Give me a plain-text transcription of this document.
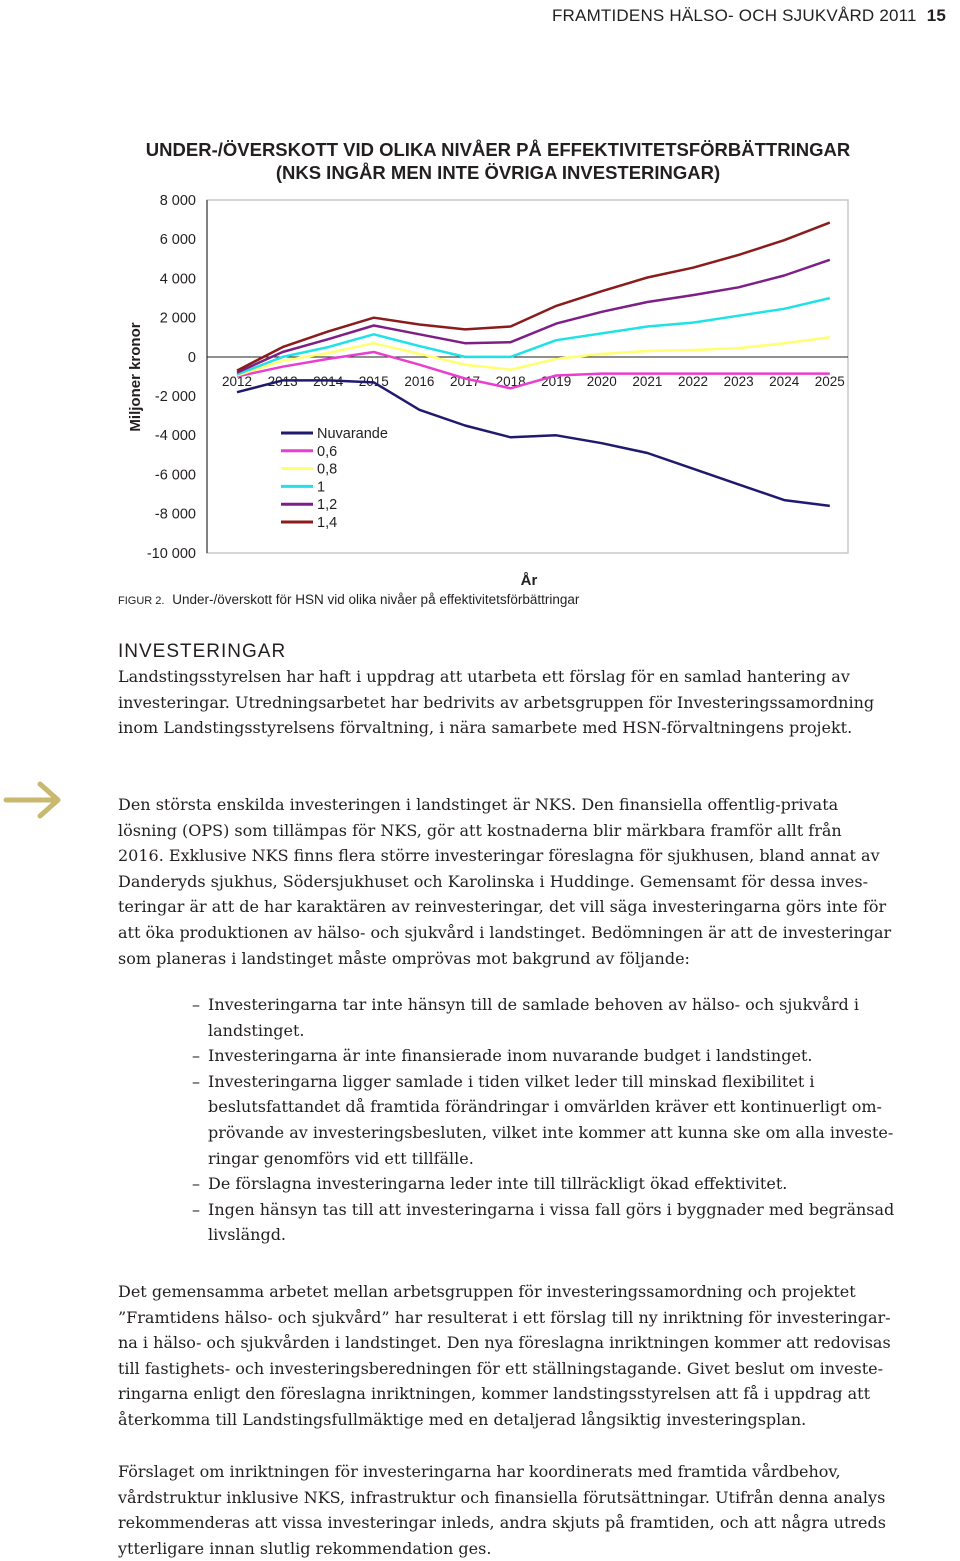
FRAMTIDENS HÄLSO- OCH SJUKVÅRD 2011 15
UNDER-/ÖVERSKOTT VID OLIKA NIVÅER PÅ EFFEKTIVITETSFÖRBÄTTRINGAR
(NKS INGÅR MEN INTE ÖVRIGA INVESTERINGAR)
8 000
6 000
4 000
2 000
0
-2 000
-4 000
-6 000
-8 000
-10 000
2012 2013 2014 2015 2016 2017 2018 2019 2020 2021 2022 2023 2024 2025
Miljoner kronor
År
Nuvarande
0,6
0,8
1
1,2
1,4
FIGUR 2. Under-/överskott för HSN vid olika nivåer på effektivitetsförbättringar
INVESTERINGAR

Landstingsstyrelsen har haft i uppdrag att utarbeta ett förslag för en samlad hantering av
investeringar. Utredningsarbetet har bedrivits av arbetsgruppen för Investeringssamordning
inom Landstingsstyrelsens förvaltning, i nära samarbete med HSN-förvaltningens projekt.

Den största enskilda investeringen i landstinget är NKS. Den finansiella offentlig-privata
lösning (OPS) som tillämpas för NKS, gör att kostnaderna blir märkbara framför allt från
2016. Exklusive NKS finns flera större investeringar föreslagna för sjukhusen, bland annat av
Danderyds sjukhus, Södersjukhuset och Karolinska i Huddinge. Gemensamt för dessa inves-
teringar är att de har karaktären av reinvesteringar, det vill säga investeringarna görs inte för
att öka produktionen av hälso- och sjukvård i landstinget. Bedömningen är att de investeringar
som planeras i landstinget måste omprövas mot bakgrund av följande:

– Investeringarna tar inte hänsyn till de samlade behoven av hälso- och sjukvård i
landstinget.
– Investeringarna är inte finansierade inom nuvarande budget i landstinget.
– Investeringarna ligger samlade i tiden vilket leder till minskad flexibilitet i
beslutsfattandet då framtida förändringar i omvärlden kräver ett kontinuerligt om-
prövande av investeringsbesluten, vilket inte kommer att kunna ske om alla investe-
ringar genomförs vid ett tillfälle.
– De förslagna investeringarna leder inte till tillräckligt ökad effektivitet.
– Ingen hänsyn tas till att investeringarna i vissa fall görs i byggnader med begränsad
livslängd.

Det gemensamma arbetet mellan arbetsgruppen för investeringssamordning och projektet
”Framtidens hälso- och sjukvård” har resulterat i ett förslag till ny inriktning för investeringar-
na i hälso- och sjukvården i landstinget. Den nya föreslagna inriktningen kommer att redovisas
till fastighets- och investeringsberedningen för ett ställningstagande. Givet beslut om investe-
ringarna enligt den föreslagna inriktningen, kommer landstingsstyrelsen att få i uppdrag att
återkomma till Landstingsfullmäktige med en detaljerad långsiktig investeringsplan.

Förslaget om inriktningen för investeringarna har koordinerats med framtida vårdbehov,
vårdstruktur inklusive NKS, infrastruktur och finansiella förutsättningar. Utifrån denna analys
rekommenderas att vissa investeringar inleds, andra skjuts på framtiden, och att några utreds
ytterligare innan slutlig rekommendation ges.
